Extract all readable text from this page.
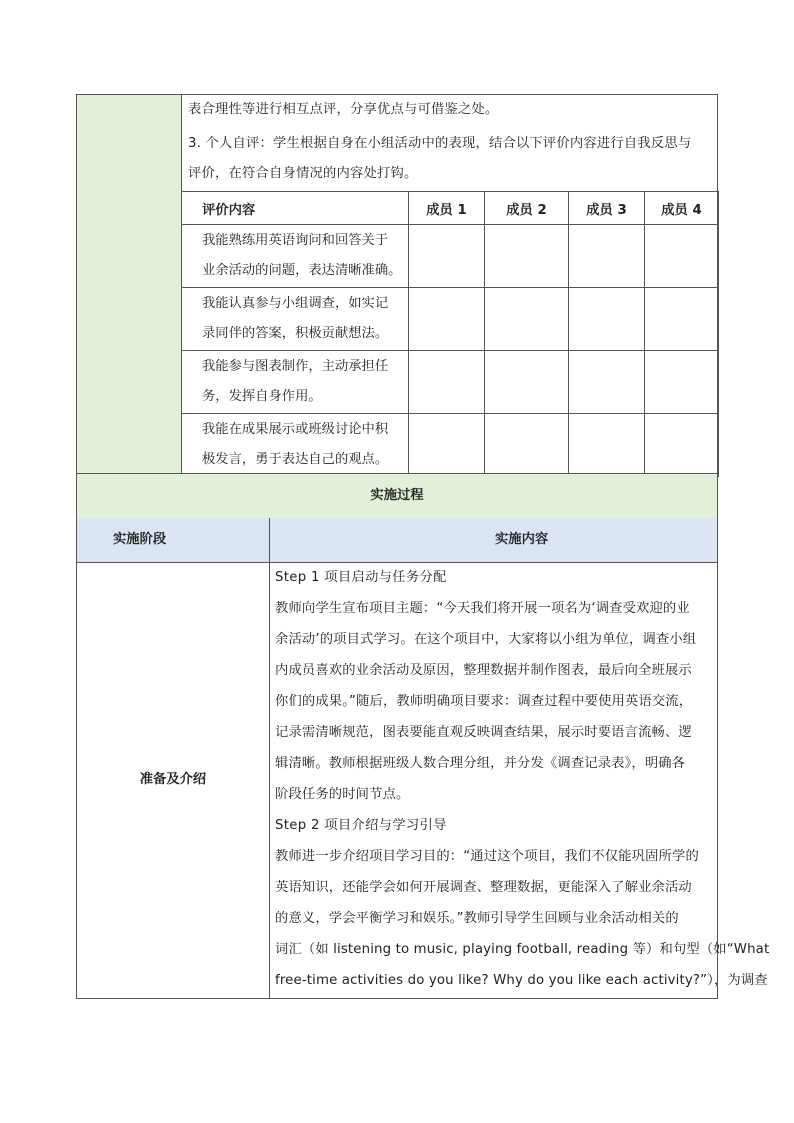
表合理性等进行相互点评，分享优点与可借鉴之处。
3. 个人自评：学生根据自身在小组活动中的表现，结合以下评价内容进行自我反思与
评价，在符合自身情况的内容处打钩。
评价内容	成员 1	成员 2	成员 3	成员 4
我能熟练用英语询问和回答关于
业余活动的问题，表达清晰准确。				
我能认真参与小组调查，如实记
录同伴的答案，积极贡献想法。				
我能参与图表制作，主动承担任
务，发挥自身作用。				
我能在成果展示或班级讨论中积
极发言，勇于表达自己的观点。				
实施过程
实施阶段	实施内容
准备及介绍
Step 1 项目启动与任务分配
教师向学生宣布项目主题：“今天我们将开展一项名为‘调查受欢迎的业
余活动’的项目式学习。在这个项目中，大家将以小组为单位，调查小组
内成员喜欢的业余活动及原因，整理数据并制作图表，最后向全班展示
你们的成果。”随后，教师明确项目要求：调查过程中要使用英语交流，
记录需清晰规范，图表要能直观反映调查结果，展示时要语言流畅、逻
辑清晰。教师根据班级人数合理分组，并分发《调查记录表》，明确各
阶段任务的时间节点。
Step 2 项目介绍与学习引导
教师进一步介绍项目学习目的：“通过这个项目，我们不仅能巩固所学的
英语知识，还能学会如何开展调查、整理数据，更能深入了解业余活动
的意义，学会平衡学习和娱乐。”教师引导学生回顾与业余活动相关的
词汇（如 listening to music, playing football, reading 等）和句型（如“What
free-time activities do you like? Why do you like each activity?”），为调查
